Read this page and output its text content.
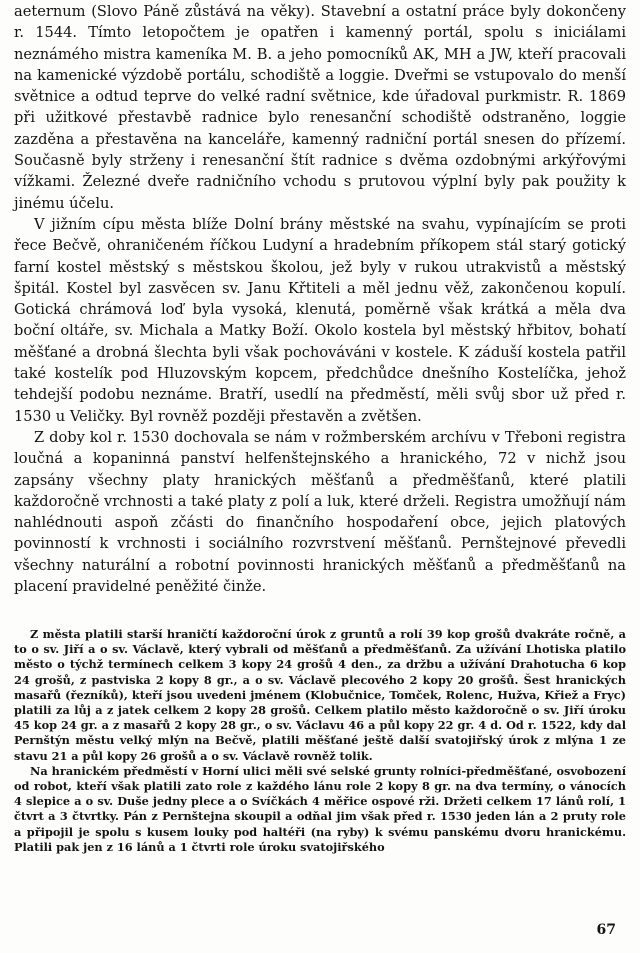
aeternum (Slovo Páně zůstává na věky). Stavební a ostatní práce byly dokončeny r. 1544. Tímto letopočtem je opatřen i kamenný portál, spolu s iniciálami neznámého mistra kameníka M. B. a jeho pomocníků AK, MH a JW, kteří pracovali na kamenické výzdobě portálu, schodiště a loggie. Dveřmi se vstupovalo do menší světnice a odtud teprve do velké radní světnice, kde úřadoval purkmistr. R. 1869 při užitkové přestavbě radnice bylo renesanční schodiště odstraněno, loggie zazděna a přestavěna na kanceláře, kamenný radniční portál snesen do přízemí. Současně byly strženy i renesanční štít radnice s dvěma ozdobnými arkýřovými vížkami. Železné dveře radničního vchodu s prutovou výplní byly pak použity k jinému účelu.

V jižním cípu města blíže Dolní brány městské na svahu, vypínajícím se proti řece Bečvě, ohraničeném říčkou Ludyní a hradebním příkopem stál starý gotický farní kostel městský s městskou školou, jež byly v rukou utrakvistů a městský špitál. Kostel byl zasvěcen sv. Janu Křtiteli a měl jednu věž, zakončenou kopulí. Gotická chrámová loď byla vysoká, klenutá, poměrně však krátká a měla dva boční oltáře, sv. Michala a Matky Boží. Okolo kostela byl městský hřbitov, bohatí měšťané a drobná šlechta byli však pochováváni v kostele. K záduší kostela patřil také kostelík pod Hluzovským kopcem, předchůdce dnešního Kostelíčka, jehož tehdejší podobu neznáme. Bratří, usedlí na předměstí, měli svůj sbor už před r. 1530 u Veličky. Byl rovněž později přestavěn a zvětšen.

Z doby kol r. 1530 dochovala se nám v rožmberském archívu v Třeboni registra loučná a kopaninná panství helfenštejnského a hranického, 72 v nichž jsou zapsány všechny platy hranických měšťanů a předměšťanů, které platili každoročně vrchnosti a také platy z polí a luk, které drželi. Registra umožňují nám nahlédnouti aspoň zčásti do finančního hospodaření obce, jejich platových povinností k vrchnosti i sociálního rozvrstvení měšťanů. Pernštejnové převedli všechny naturální a robotní povinnosti hranických měšťanů a předměšťanů na placení pravidelné peněžité činže.

Z města platili starší hraničtí každoroční úrok z gruntů a rolí 39 kop grošů dvakráte ročně, a to o sv. Jiří a o sv. Václavě, který vybrali od měšťanů a předměšťanů. Za užívání Lhotiska platilo město o týchž termínech celkem 3 kopy 24 grošů 4 den., za držbu a užívání Drahotucha 6 kop 24 grošů, z pastviska 2 kopy 8 gr., a o sv. Václavě plecového 2 kopy 20 grošů. Šest hranických masařů (řezníků), kteří jsou uvedeni jménem (Klobučnice, Tomček, Rolenc, Hužva, Křiež a Fryc) platili za lůj a z jatek celkem 2 kopy 28 grošů. Celkem platilo město každoročně o sv. Jiří úroku 45 kop 24 gr. a z masařů 2 kopy 28 gr., o sv. Václavu 46 a půl kopy 22 gr. 4 d. Od r. 1522, kdy dal Pernštýn městu velký mlýn na Bečvě, platili měšťané ještě další svatojiřský úrok z mlýna 1 ze stavu 21 a půl kopy 26 grošů a o sv. Václavě rovněž tolik.

Na hranickém předměstí v Horní ulici měli své selské grunty rolníci-předměšťané, osvobození od robot, kteří však platili zato role z každého lánu role 2 kopy 8 gr. na dva termíny, o vánocích 4 slepice a o sv. Duše jedny plece a o Svíčkách 4 měřice ospové rži. Držeti celkem 17 lánů rolí, 1 čtvrt a 3 čtvrtky. Pán z Pernštejna skoupil a odňal jim však před r. 1530 jeden lán a 2 pruty role a připojil je spolu s kusem louky pod haltéři (na ryby) k svému panskému dvoru hranickému. Platili pak jen z 16 lánů a 1 čtvrti role úroku svatojiřského

67
